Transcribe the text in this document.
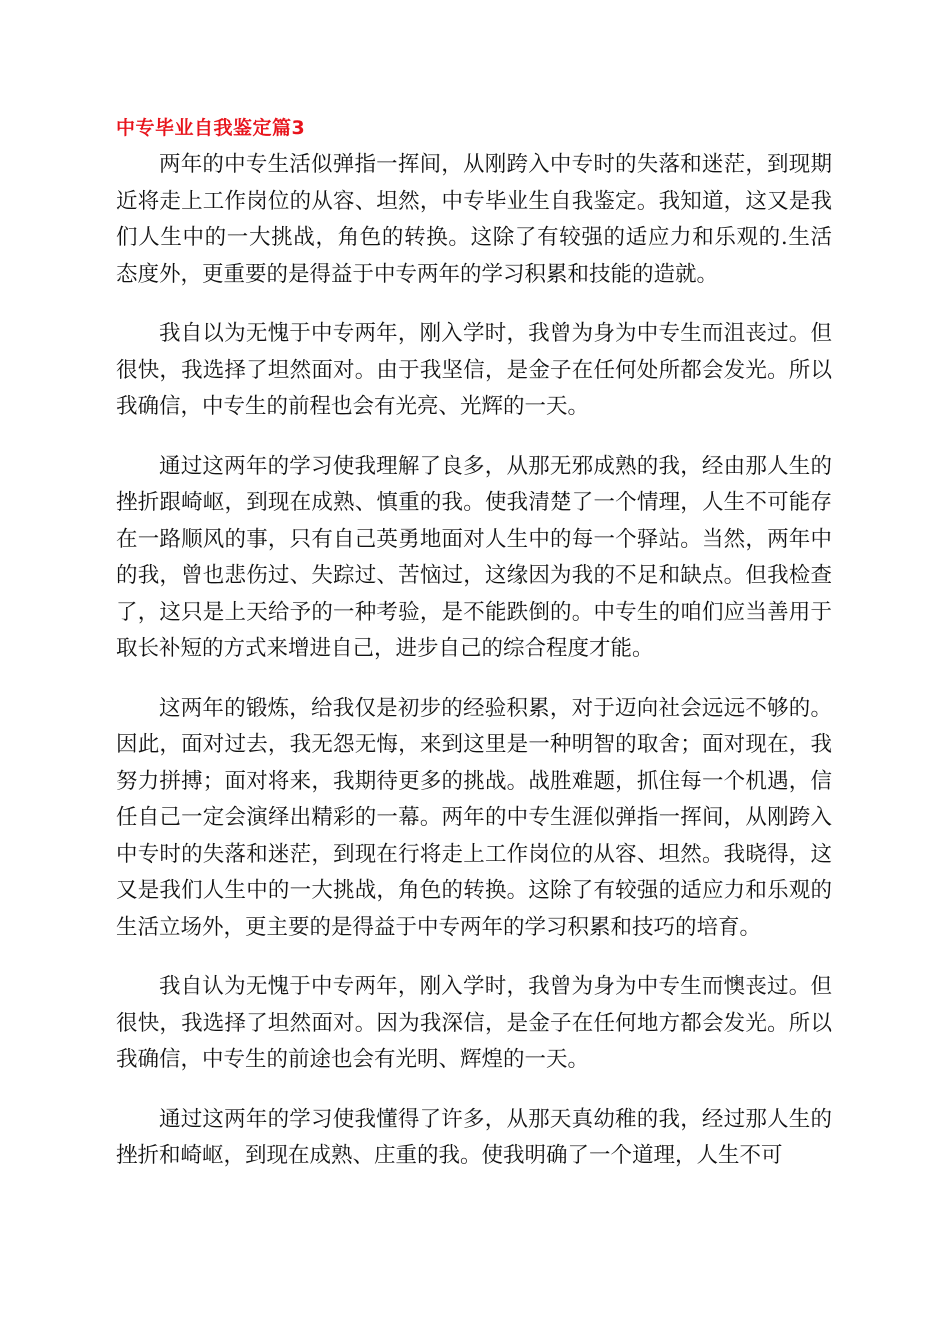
中专毕业自我鉴定篇3

两年的中专生活似弹指一挥间，从刚跨入中专时的失落和迷茫，到现期近将走上工作岗位的从容、坦然，中专毕业生自我鉴定。我知道，这又是我们人生中的一大挑战，角色的转换。这除了有较强的适应力和乐观的.生活态度外，更重要的是得益于中专两年的学习积累和技能的造就。

我自以为无愧于中专两年，刚入学时，我曾为身为中专生而沮丧过。但很快，我选择了坦然面对。由于我坚信，是金子在任何处所都会发光。所以我确信，中专生的前程也会有光亮、光辉的一天。

通过这两年的学习使我理解了良多，从那无邪成熟的我，经由那人生的挫折跟崎岖，到现在成熟、慎重的我。使我清楚了一个情理，人生不可能存在一路顺风的事，只有自己英勇地面对人生中的每一个驿站。当然，两年中的我，曾也悲伤过、失踪过、苦恼过，这缘因为我的不足和缺点。但我检查了，这只是上天给予的一种考验，是不能跌倒的。中专生的咱们应当善用于取长补短的方式来增进自己，进步自己的综合程度才能。

这两年的锻炼，给我仅是初步的经验积累，对于迈向社会远远不够的。因此，面对过去，我无怨无悔，来到这里是一种明智的取舍；面对现在，我努力拼搏；面对将来，我期待更多的挑战。战胜难题，抓住每一个机遇，信任自己一定会演绎出精彩的一幕。两年的中专生涯似弹指一挥间，从刚跨入中专时的失落和迷茫，到现在行将走上工作岗位的从容、坦然。我晓得，这又是我们人生中的一大挑战，角色的转换。这除了有较强的适应力和乐观的生活立场外，更主要的是得益于中专两年的学习积累和技巧的培育。

我自认为无愧于中专两年，刚入学时，我曾为身为中专生而懊丧过。但很快，我选择了坦然面对。因为我深信，是金子在任何地方都会发光。所以我确信，中专生的前途也会有光明、辉煌的一天。

通过这两年的学习使我懂得了许多，从那天真幼稚的我，经过那人生的挫折和崎岖，到现在成熟、庄重的我。使我明确了一个道理，人生不可
